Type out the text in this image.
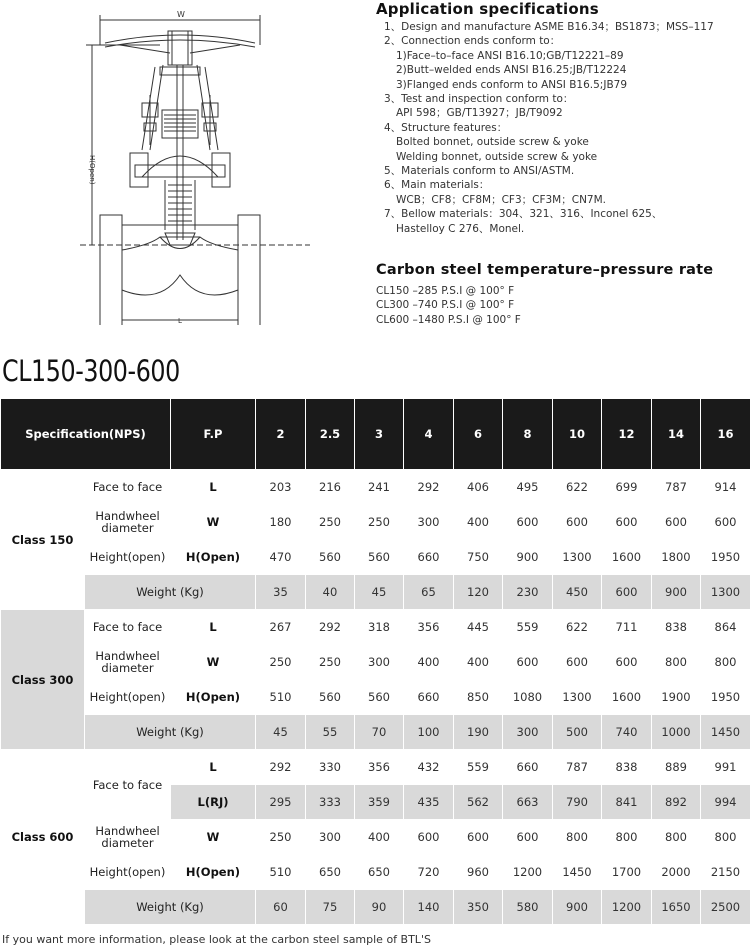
W
H(Open)
L
Application specifications
1、Design and manufacture ASME B16.34；BS1873；MSS–117
2、Connection ends conform to：
1)Face–to–face ANSI B16.10;GB/T12221–89
2)Butt–welded ends ANSI B16.25;JB/T12224
3)Flanged ends conform to ANSI B16.5;JB79
3、Test and inspection conform to：
API 598；GB/T13927；JB/T9092
4、Structure features：
Bolted bonnet, outside screw & yoke
Welding bonnet, outside screw & yoke
5、Materials conform to ANSI/ASTM.
6、Main materials：
WCB；CF8；CF8M；CF3；CF3M；CN7M.
7、Bellow materials：304、321、316、Inconel 625、
Hastelloy C 276、Monel.
Carbon steel temperature–pressure rate
CL150 –285 P.S.I @ 100° F
CL300 –740 P.S.I @ 100° F
CL600 –1480 P.S.I @ 100° F
CL150-300-600
Specification(NPS)		F.P	2	2.5	3	4	6	8	10	12	14	16
Class 150	Face to face	L	203	216	241	292	406	495	622	699	787	914
	Handwheel diameter	W	180	250	250	300	400	600	600	600	600	600
	Height(open)	H(Open)	470	560	560	660	750	900	1300	1600	1800	1950
	Weight (Kg)		35	40	45	65	120	230	450	600	900	1300
Class 300	Face to face	L	267	292	318	356	445	559	622	711	838	864
	Handwheel diameter	W	250	250	300	400	400	600	600	600	800	800
	Height(open)	H(Open)	510	560	560	660	850	1080	1300	1600	1900	1950
	Weight (Kg)		45	55	70	100	190	300	500	740	1000	1450
Class 600	Face to face	L	292	330	356	432	559	660	787	838	889	991
		L(RJ)	295	333	359	435	562	663	790	841	892	994
	Handwheel diameter	W	250	300	400	600	600	600	800	800	800	800
	Height(open)	H(Open)	510	650	650	720	960	1200	1450	1700	2000	2150
	Weight (Kg)		60	75	90	140	350	580	900	1200	1650	2500
If you want more information, please look at the carbon steel sample of BTL'S
